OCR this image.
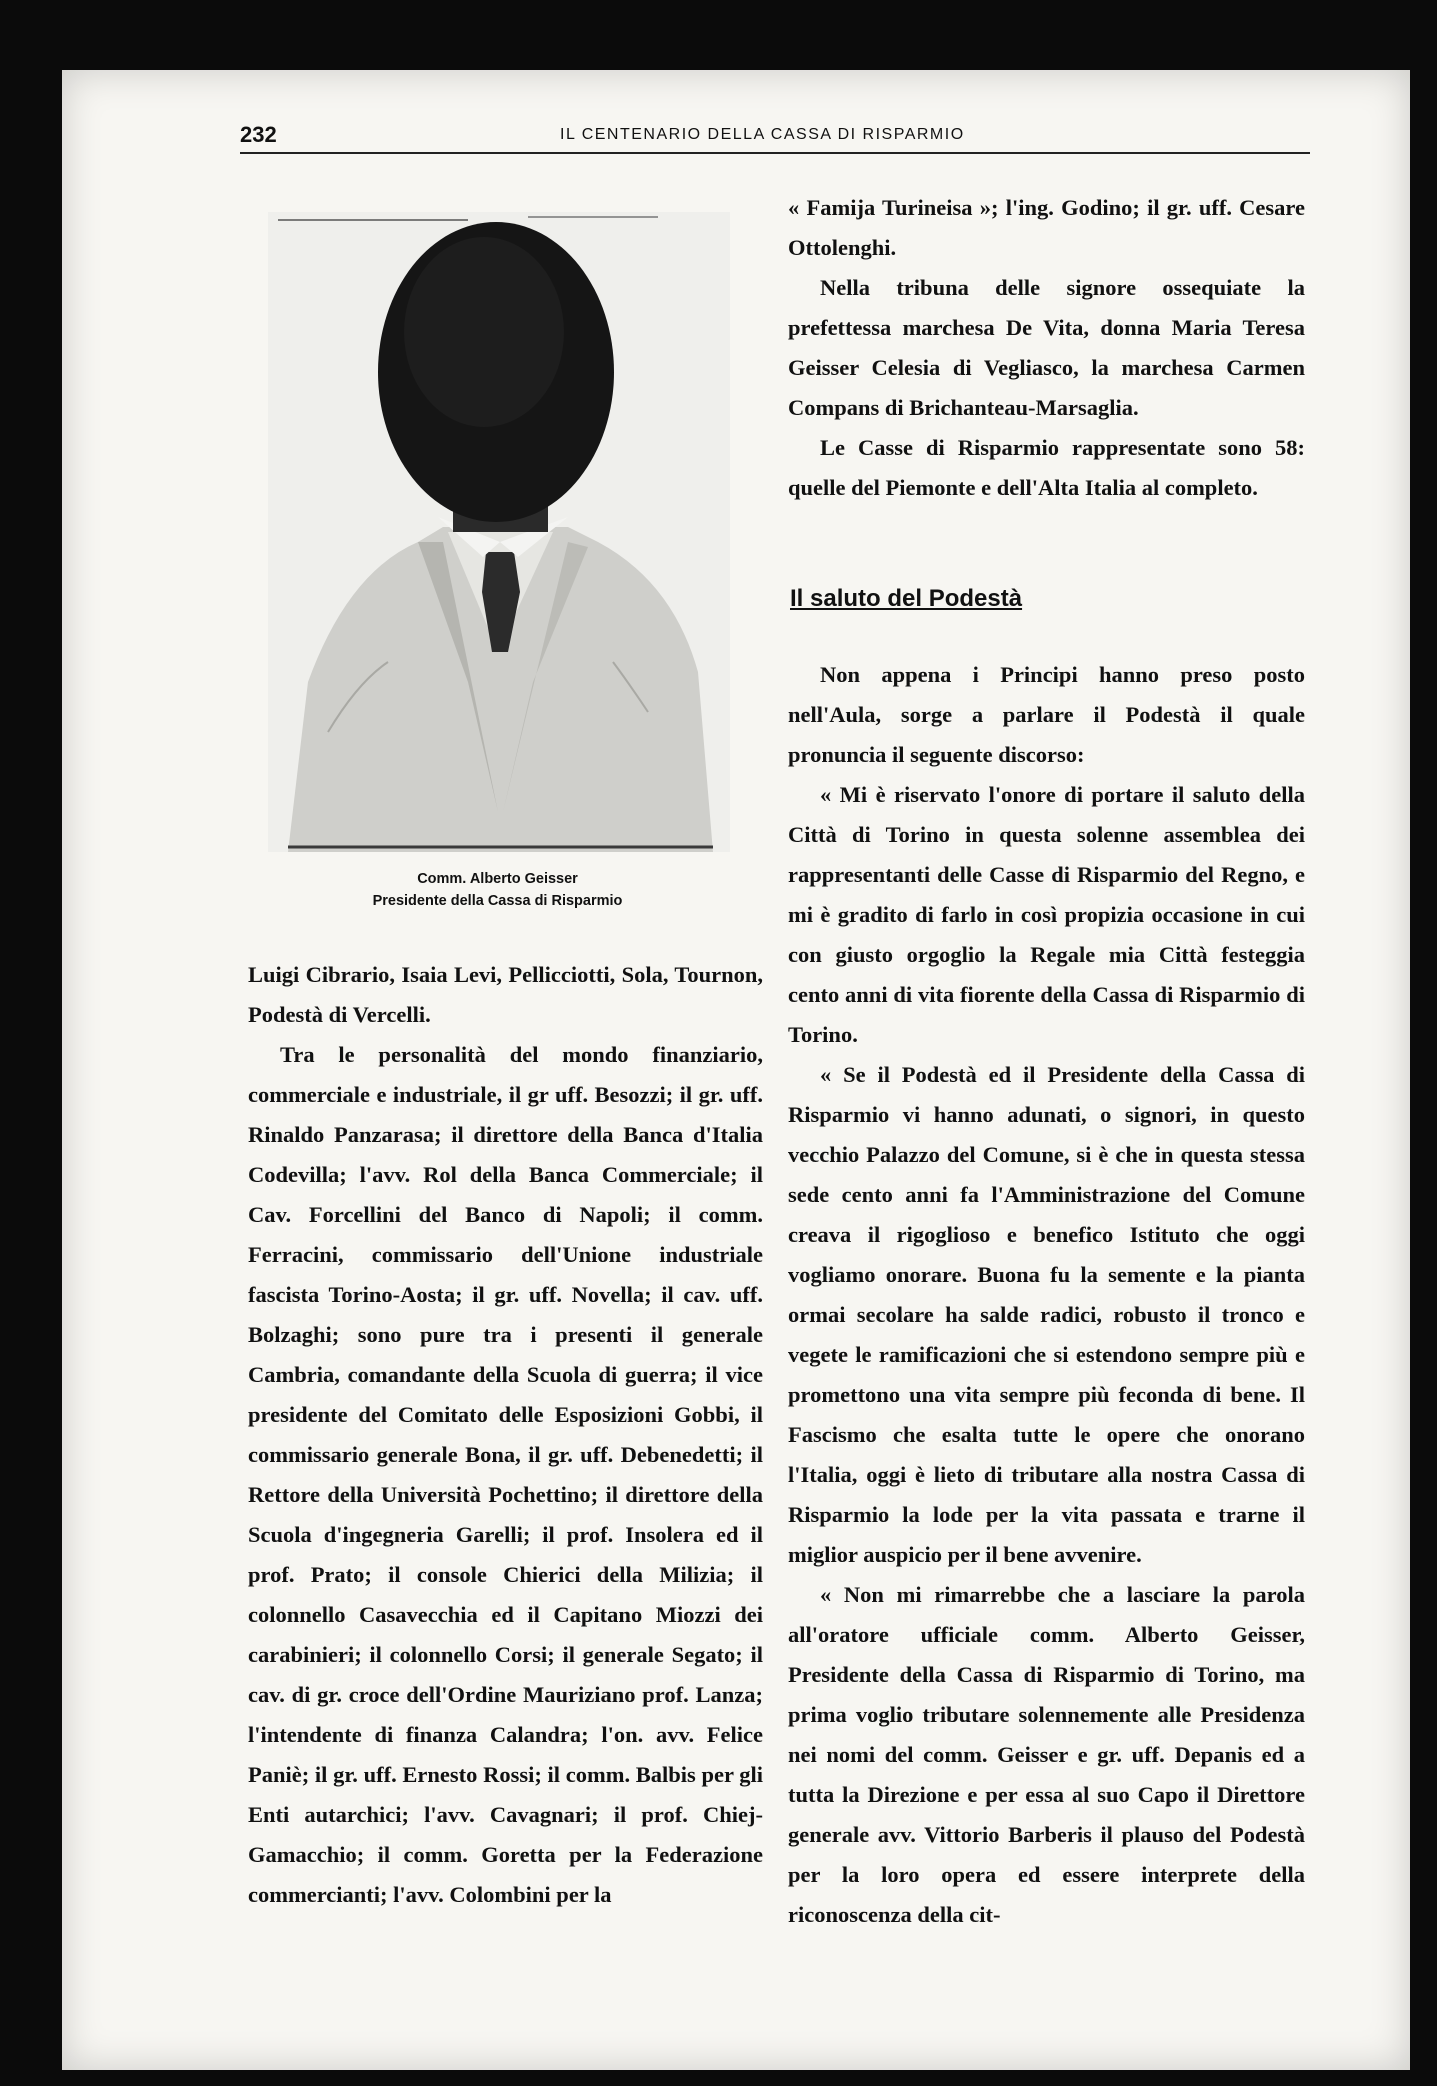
232	IL CENTENARIO DELLA CASSA DI RISPARMIO
Comm. Alberto Geisser
Presidente della Cassa di Risparmio

Luigi Cibrario, Isaia Levi, Pellicciotti, Sola, Tournon, Podestà di Vercelli.

Tra le personalità del mondo finanziario, commerciale e industriale, il gr uff. Besozzi; il gr. uff. Rinaldo Panzarasa; il direttore della Banca d'Italia Codevilla; l'avv. Rol della Banca Commerciale; il Cav. Forcellini del Banco di Napoli; il comm. Ferracini, commissario dell'Unione industriale fascista Torino-Aosta; il gr. uff. Novella; il cav. uff. Bolzaghi; sono pure tra i presenti il generale Cambria, comandante della Scuola di guerra; il vice presidente del Comitato delle Esposizioni Gobbi, il commissario generale Bona, il gr. uff. Debenedetti; il Rettore della Università Pochettino; il direttore della Scuola d'ingegneria Garelli; il prof. Insolera ed il prof. Prato; il console Chierici della Milizia; il colonnello Casavecchia ed il Capitano Miozzi dei carabinieri; il colonnello Corsi; il generale Segato; il cav. di gr. croce dell'Ordine Mauriziano prof. Lanza; l'intendente di finanza Calandra; l'on. avv. Felice Paniè; il gr. uff. Ernesto Rossi; il comm. Balbis per gli Enti autarchici; l'avv. Cavagnari; il prof. Chiej-Gamacchio; il comm. Goretta per la Federazione commercianti; l'avv. Colombini per la

« Famija Turineisa »; l'ing. Godino; il gr. uff. Cesare Ottolenghi.

Nella tribuna delle signore ossequiate la prefettessa marchesa De Vita, donna Maria Teresa Geisser Celesia di Vegliasco, la marchesa Carmen Compans di Brichanteau-Marsaglia.

Le Casse di Risparmio rappresentate sono 58: quelle del Piemonte e dell'Alta Italia al completo.

Il saluto del Podestà

Non appena i Principi hanno preso posto nell'Aula, sorge a parlare il Podestà il quale pronuncia il seguente discorso:

« Mi è riservato l'onore di portare il saluto della Città di Torino in questa solenne assemblea dei rappresentanti delle Casse di Risparmio del Regno, e mi è gradito di farlo in così propizia occasione in cui con giusto orgoglio la Regale mia Città festeggia cento anni di vita fiorente della Cassa di Risparmio di Torino.

« Se il Podestà ed il Presidente della Cassa di Risparmio vi hanno adunati, o signori, in questo vecchio Palazzo del Comune, si è che in questa stessa sede cento anni fa l'Amministrazione del Comune creava il rigoglioso e benefico Istituto che oggi vogliamo onorare. Buona fu la semente e la pianta ormai secolare ha salde radici, robusto il tronco e vegete le ramificazioni che si estendono sempre più e promettono una vita sempre più feconda di bene. Il Fascismo che esalta tutte le opere che onorano l'Italia, oggi è lieto di tributare alla nostra Cassa di Risparmio la lode per la vita passata e trarne il miglior auspicio per il bene avvenire.

« Non mi rimarrebbe che a lasciare la parola all'oratore ufficiale comm. Alberto Geisser, Presidente della Cassa di Risparmio di Torino, ma prima voglio tributare solennemente alle Presidenza nei nomi del comm. Geisser e gr. uff. Depanis ed a tutta la Direzione e per essa al suo Capo il Direttore generale avv. Vittorio Barberis il plauso del Podestà per la loro opera ed essere interprete della riconoscenza della cit-
